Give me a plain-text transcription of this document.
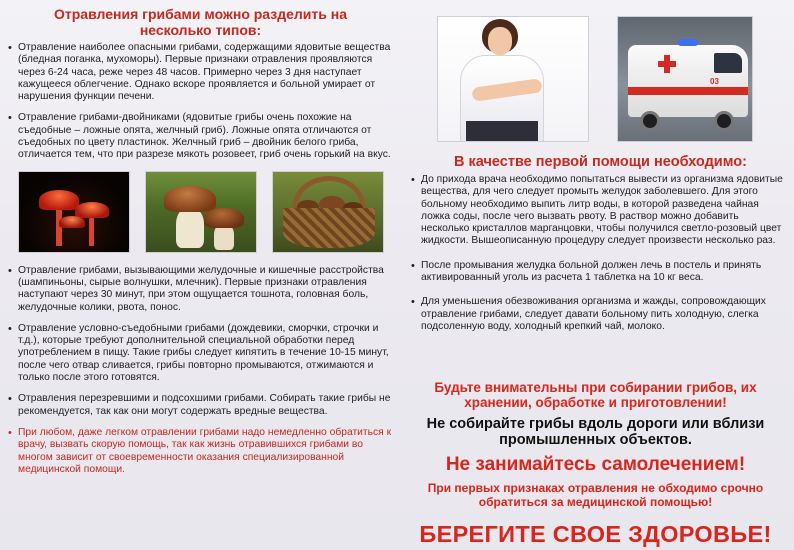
Отравления грибами можно разделить на несколько типов:
• Отравление наиболее опасными грибами, содержащими ядовитые вещества (бледная поганка, мухоморы). Первые признаки отравления проявляются через 6-24 часа, реже через 48 часов. Примерно через 3 дня наступает кажущееся облегчение. Однако вскоре проявляется и больной умирает от нарушения функции печени.
• Отравление грибами-двойниками (ядовитые грибы очень похожие на съедобные – ложные опята, желчный гриб). Ложные опята отличаются от съедобных по цвету пластинок. Желчный гриб – двойник белого гриба, отличается тем, что при разрезе мякоть розовеет, гриб очень горький на вкус.
• Отравление грибами, вызывающими желудочные и кишечные расстройства (шампиньоны, сырые волнушки, млечник). Первые признаки отравления наступают через 30 минут, при этом ощущается тошнота, головная боль, желудочные колики, рвота, понос.
• Отравление условно-съедобными грибами (дождевики, сморчки, строчки и т.д.), которые требуют дополнительной специальной обработки перед употреблением в пищу. Такие грибы следует кипятить в течение 10-15 минут, после чего отвар сливается, грибы повторно промываются, отжимаются и только после этого готовятся.
• Отравления перезревшими и подсохшими грибами. Собирать такие грибы не рекомендуется, так как они могут содержать вредные вещества.
• При любом, даже легком отравлении грибами надо немедленно обратиться к врачу, вызвать скорую помощь, так как жизнь отравившихся грибами во многом зависит от своевременности оказания специализированной медицинской помощи.
03
В качестве первой помощи необходимо:
• До прихода врача необходимо попытаться вывести из организма ядовитые вещества, для чего следует промыть желудок заболевшего. Для этого больному необходимо выпить литр воды, в которой разведена чайная ложка соды, после чего вызвать рвоту. В раствор можно добавить несколько кристаллов марганцовки, чтобы получился светло-розовый цвет жидкости. Вышеописанную процедуру следует произвести несколько раз.
• После промывания желудка больной должен лечь в постель и принять активированный уголь из расчета 1 таблетка на 10 кг веса.
• Для уменьшения обезвоживания организма и жажды, сопровождающих отравление грибами, следует давати больному пить холодную, слегка подсоленную воду, холодный крепкий чай, молоко.
Будьте внимательны при собирании грибов, их хранении, обработке и приготовлении!
Не собирайте грибы вдоль дороги или вблизи промышленных объектов.
Не занимайтесь самолечением!
При первых признаках отравления не обходимо срочно обратиться за медицинской помощью!
БЕРЕГИТЕ СВОЕ ЗДОРОВЬЕ!
